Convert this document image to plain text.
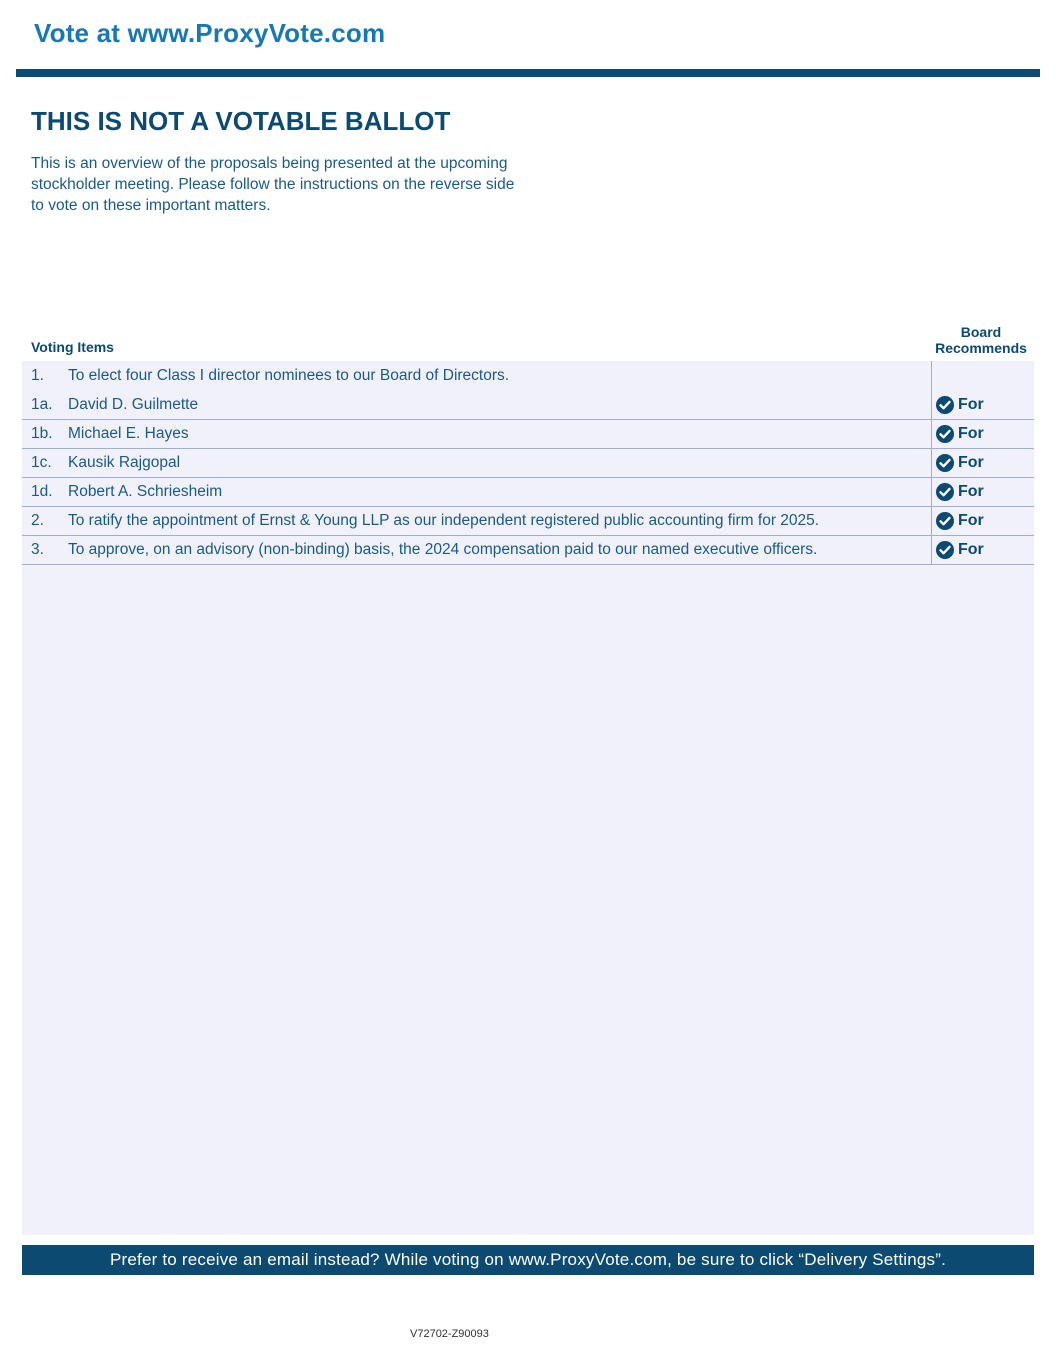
Vote at www.ProxyVote.com
THIS IS NOT A VOTABLE BALLOT
This is an overview of the proposals being presented at the upcoming stockholder meeting. Please follow the instructions on the reverse side to vote on these important matters.
Voting Items
Board
Recommends
1. To elect four Class I director nominees to our Board of Directors.
1a. David D. Guilmette	For
1b. Michael E. Hayes	For
1c. Kausik Rajgopal	For
1d. Robert A. Schriesheim	For
2. To ratify the appointment of Ernst & Young LLP as our independent registered public accounting firm for 2025.	For
3. To approve, on an advisory (non-binding) basis, the 2024 compensation paid to our named executive officers.	For
Prefer to receive an email instead? While voting on www.ProxyVote.com, be sure to click “Delivery Settings”.
V72702-Z90093
